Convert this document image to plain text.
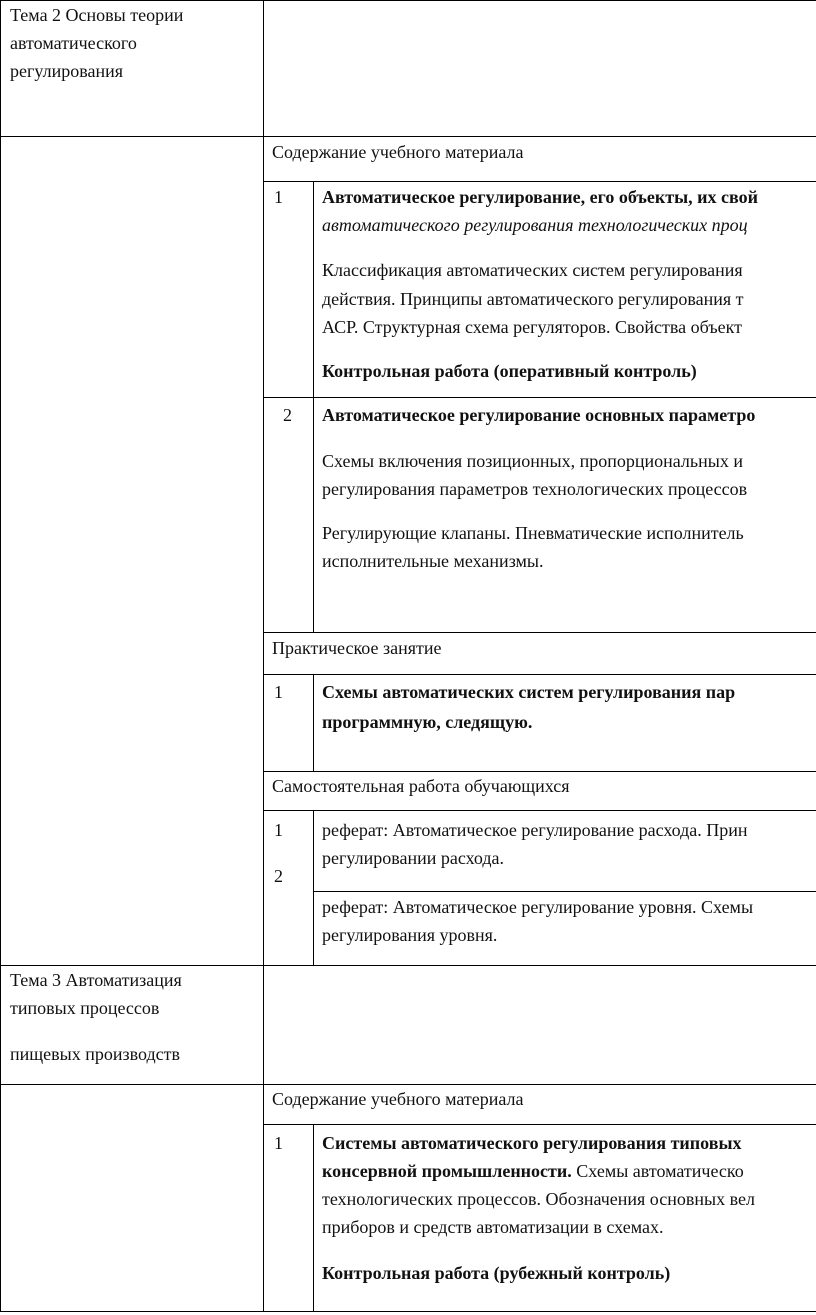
Тема 2 Основы теории
автоматического
регулирования
Содержание учебного материала
1 Автоматическое регулирование, его объекты, их свой
автоматического регулирования технологических проц
Классификация автоматических систем регулирования
действия. Принципы автоматического регулирования т
АСР. Структурная схема регуляторов. Свойства объект
Контрольная работа (оперативный контроль)
2 Автоматическое регулирование основных параметро
Схемы включения позиционных, пропорциональных и
регулирования параметров технологических процессов
Регулирующие клапаны. Пневматические исполнитель
исполнительные механизмы.
Практическое занятие
1 Схемы автоматических систем регулирования пар
программную, следящую.
Самостоятельная работа обучающихся
1
2
реферат: Автоматическое регулирование расхода. Прин
регулировании расхода.
реферат: Автоматическое регулирование уровня. Схемы
регулирования уровня.
Тема 3 Автоматизация
типовых процессов
пищевых производств
Содержание учебного материала
1 Системы автоматического регулирования типовых
консервной промышленности. Схемы автоматическо
технологических процессов. Обозначения основных вел
приборов и средств автоматизации в схемах.
Контрольная работа (рубежный контроль)
